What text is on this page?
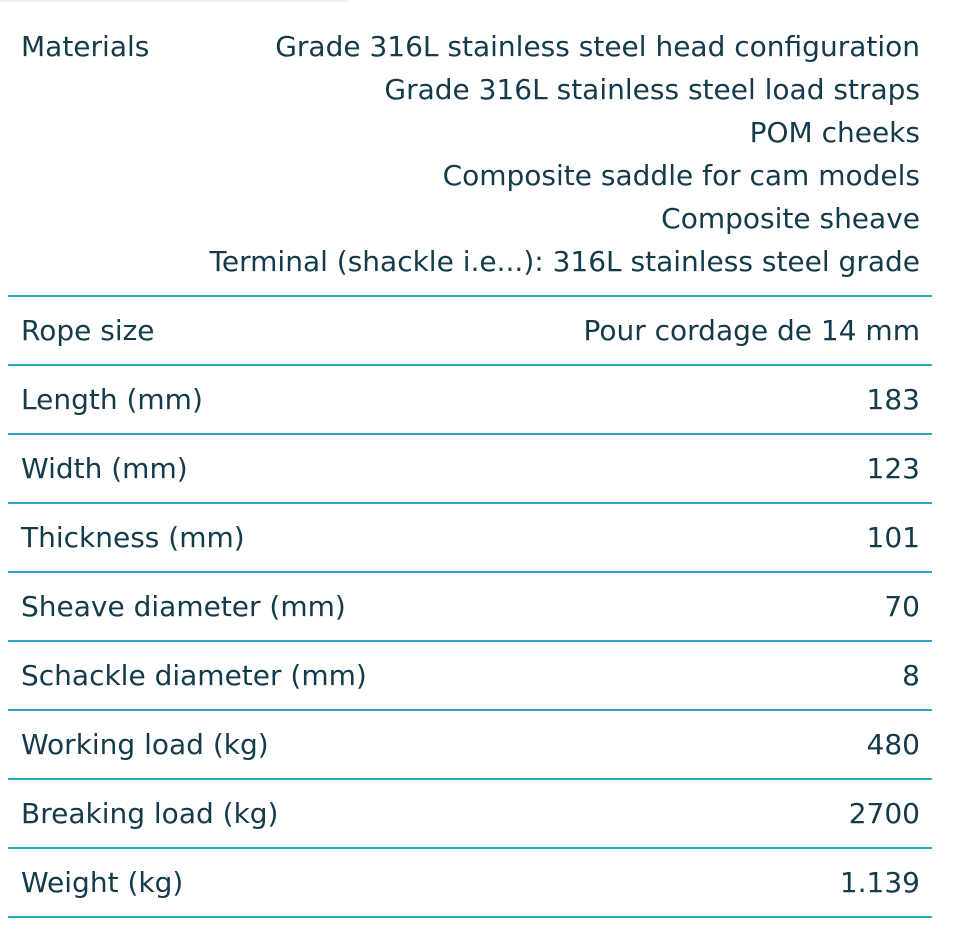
Materials	Grade 316L stainless steel head configuration
Grade 316L stainless steel load straps
POM cheeks
Composite saddle for cam models
Composite sheave
Terminal (shackle i.e...): 316L stainless steel grade
Rope size	Pour cordage de 14 mm
Length (mm)	183
Width (mm)	123
Thickness (mm)	101
Sheave diameter (mm)	70
Schackle diameter (mm)	8
Working load (kg)	480
Breaking load (kg)	2700
Weight (kg)	1.139
